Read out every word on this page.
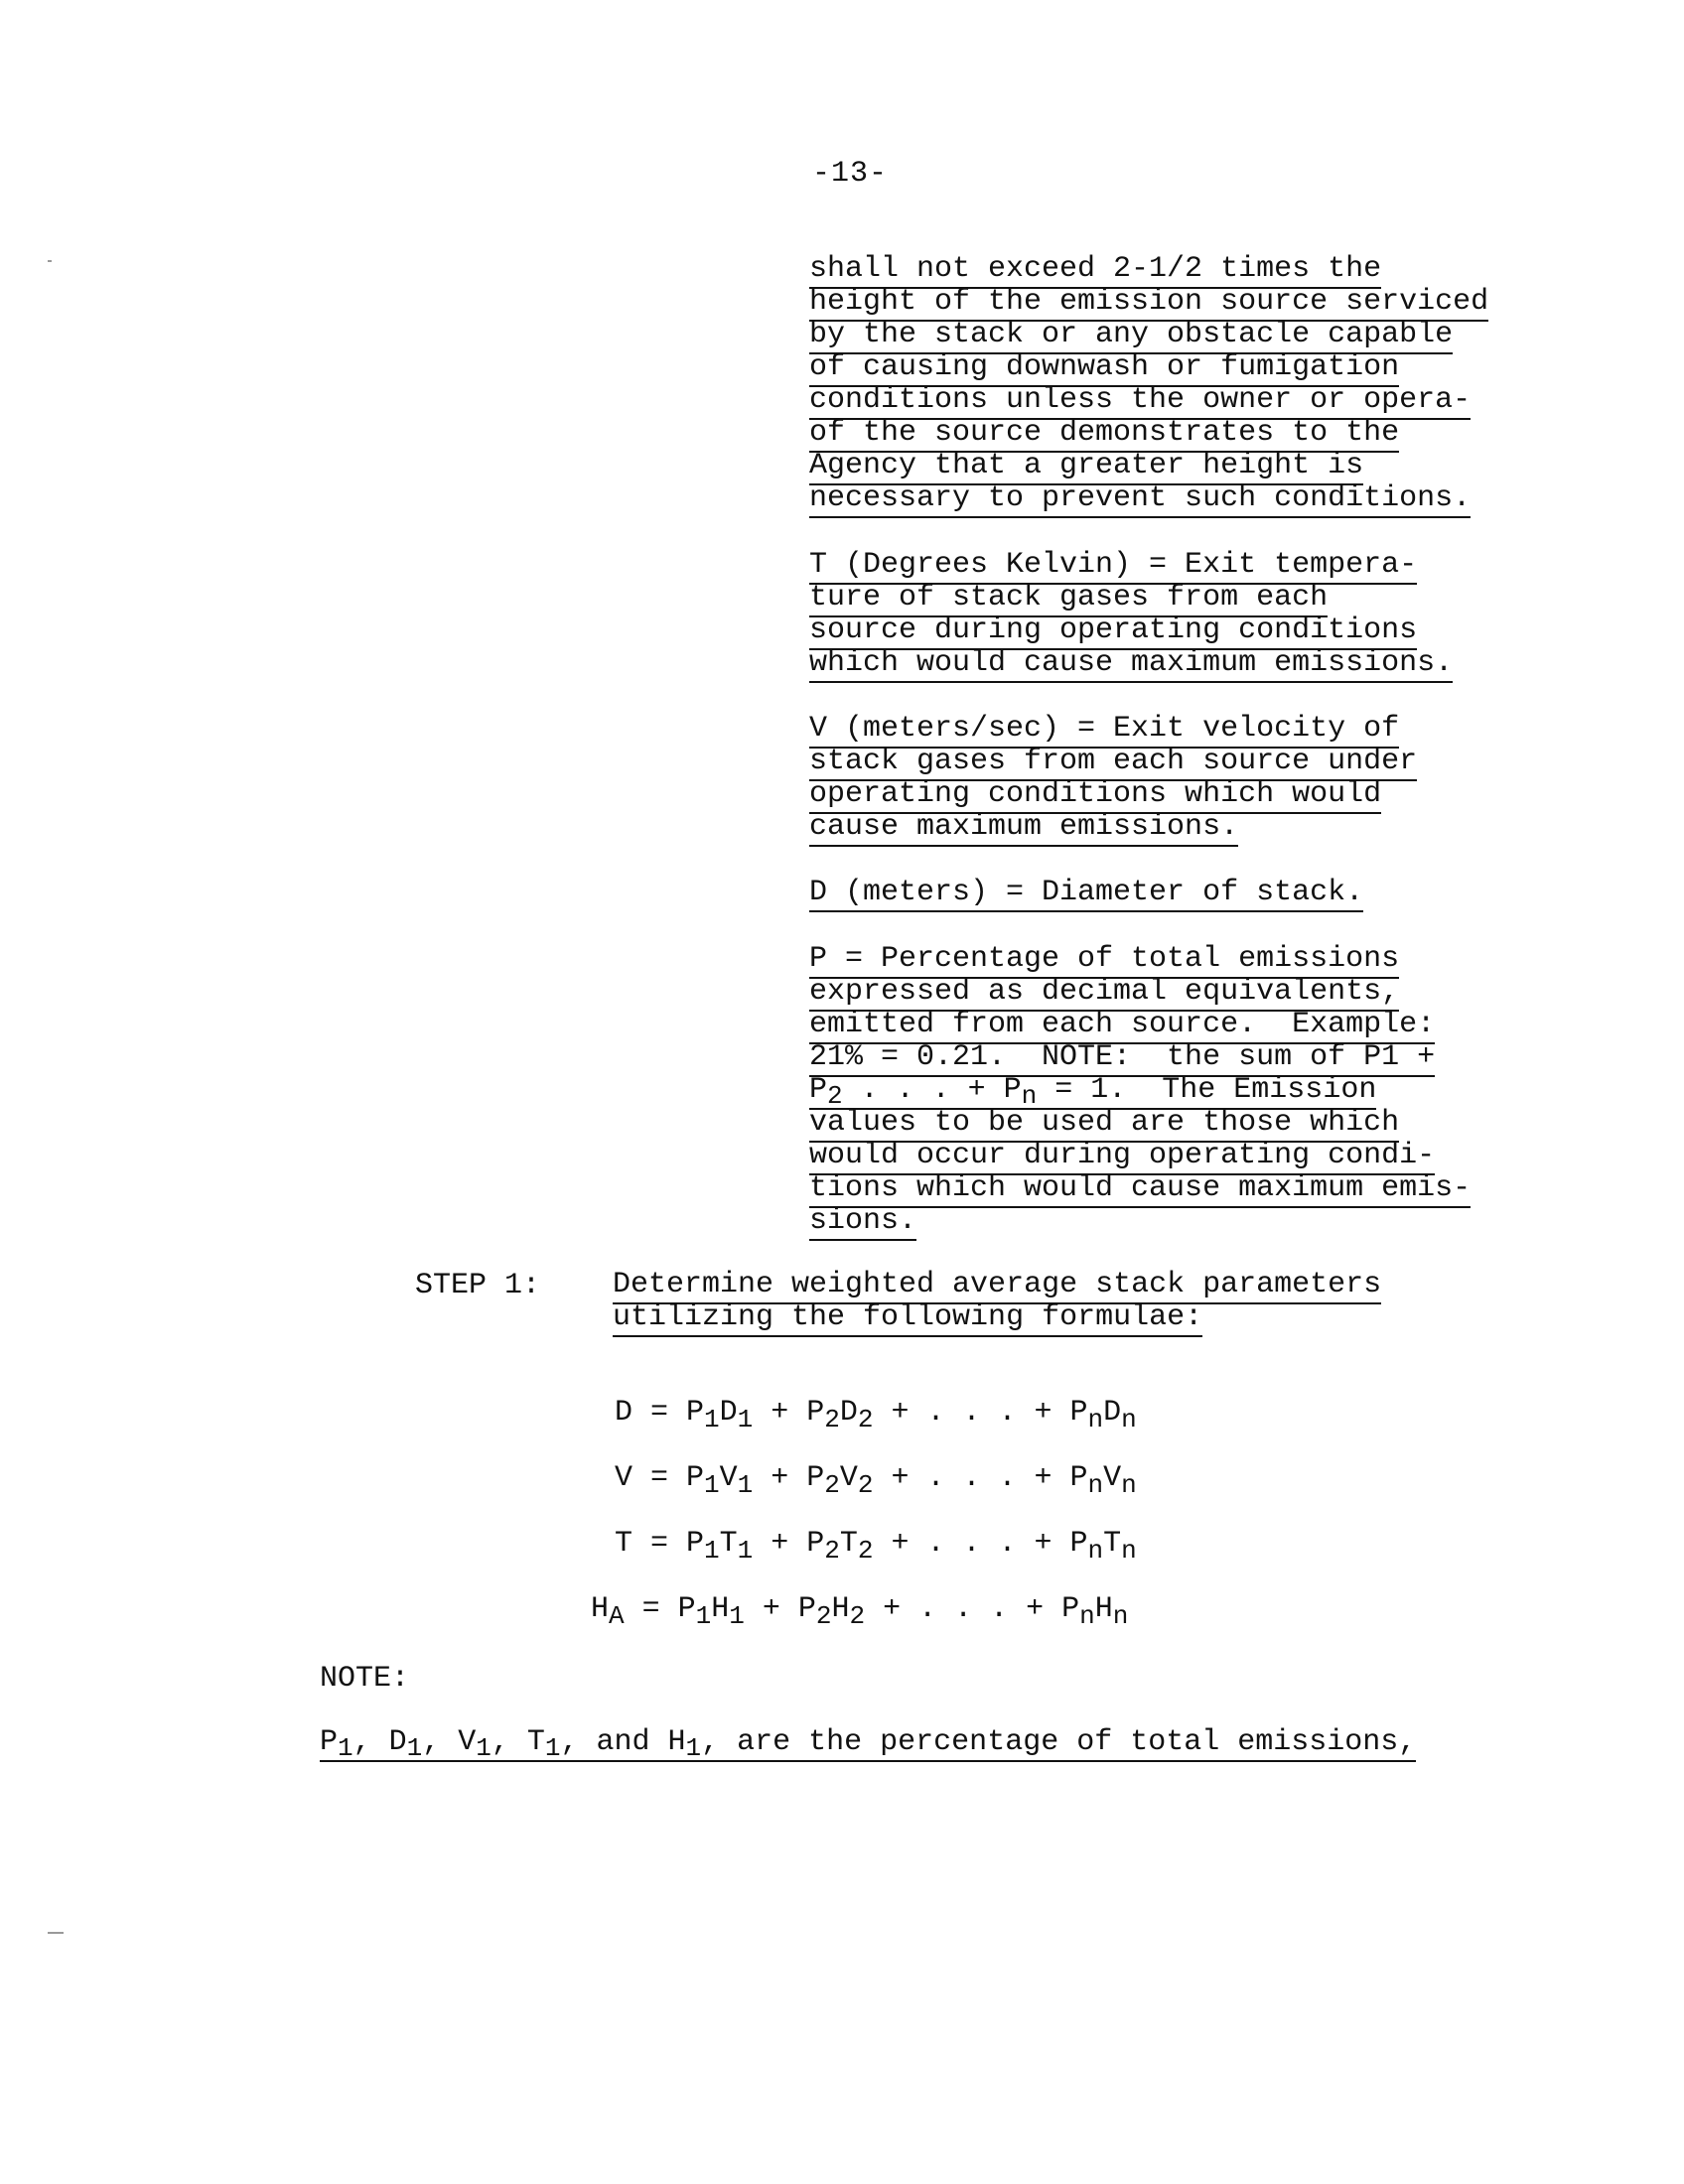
-13-
shall not exceed 2-1/2 times the
height of the emission source serviced
by the stack or any obstacle capable
of causing downwash or fumigation
conditions unless the owner or opera-
of the source demonstrates to the
Agency that a greater height is
necessary to prevent such conditions.
T (Degrees Kelvin) = Exit tempera-
ture of stack gases from each
source during operating conditions
which would cause maximum emissions.
V (meters/sec) = Exit velocity of
stack gases from each source under
operating conditions which would
cause maximum emissions.
D (meters) = Diameter of stack.
P = Percentage of total emissions
expressed as decimal equivalents,
emitted from each source.  Example:
21% = 0.21.  NOTE:  the sum of P1 +
$P_2$ . . . + $P_n = 1$.  The Emission
values to be used are those which
would occur during operating condi-
tions which would cause maximum emis-
sions.
STEP 1: Determine weighted average stack parameters
utilizing the following formulae:
$D = P_1D_1 + P_2D_2$ + . . . + $P_nD_n$
$V = P_1V_1 + P_2V_2$ + . . . + $P_nV_n$
$T = P_1T_1 + P_2T_2$ + . . . + $P_nT_n$
$H_A = P_1H_1 + P_2H_2$ + . . . + $P_nH_n$
NOTE:
$P_1$, $D_1$, $V_1$, $T_1$, and $H_1$, are the percentage of total emissions,
